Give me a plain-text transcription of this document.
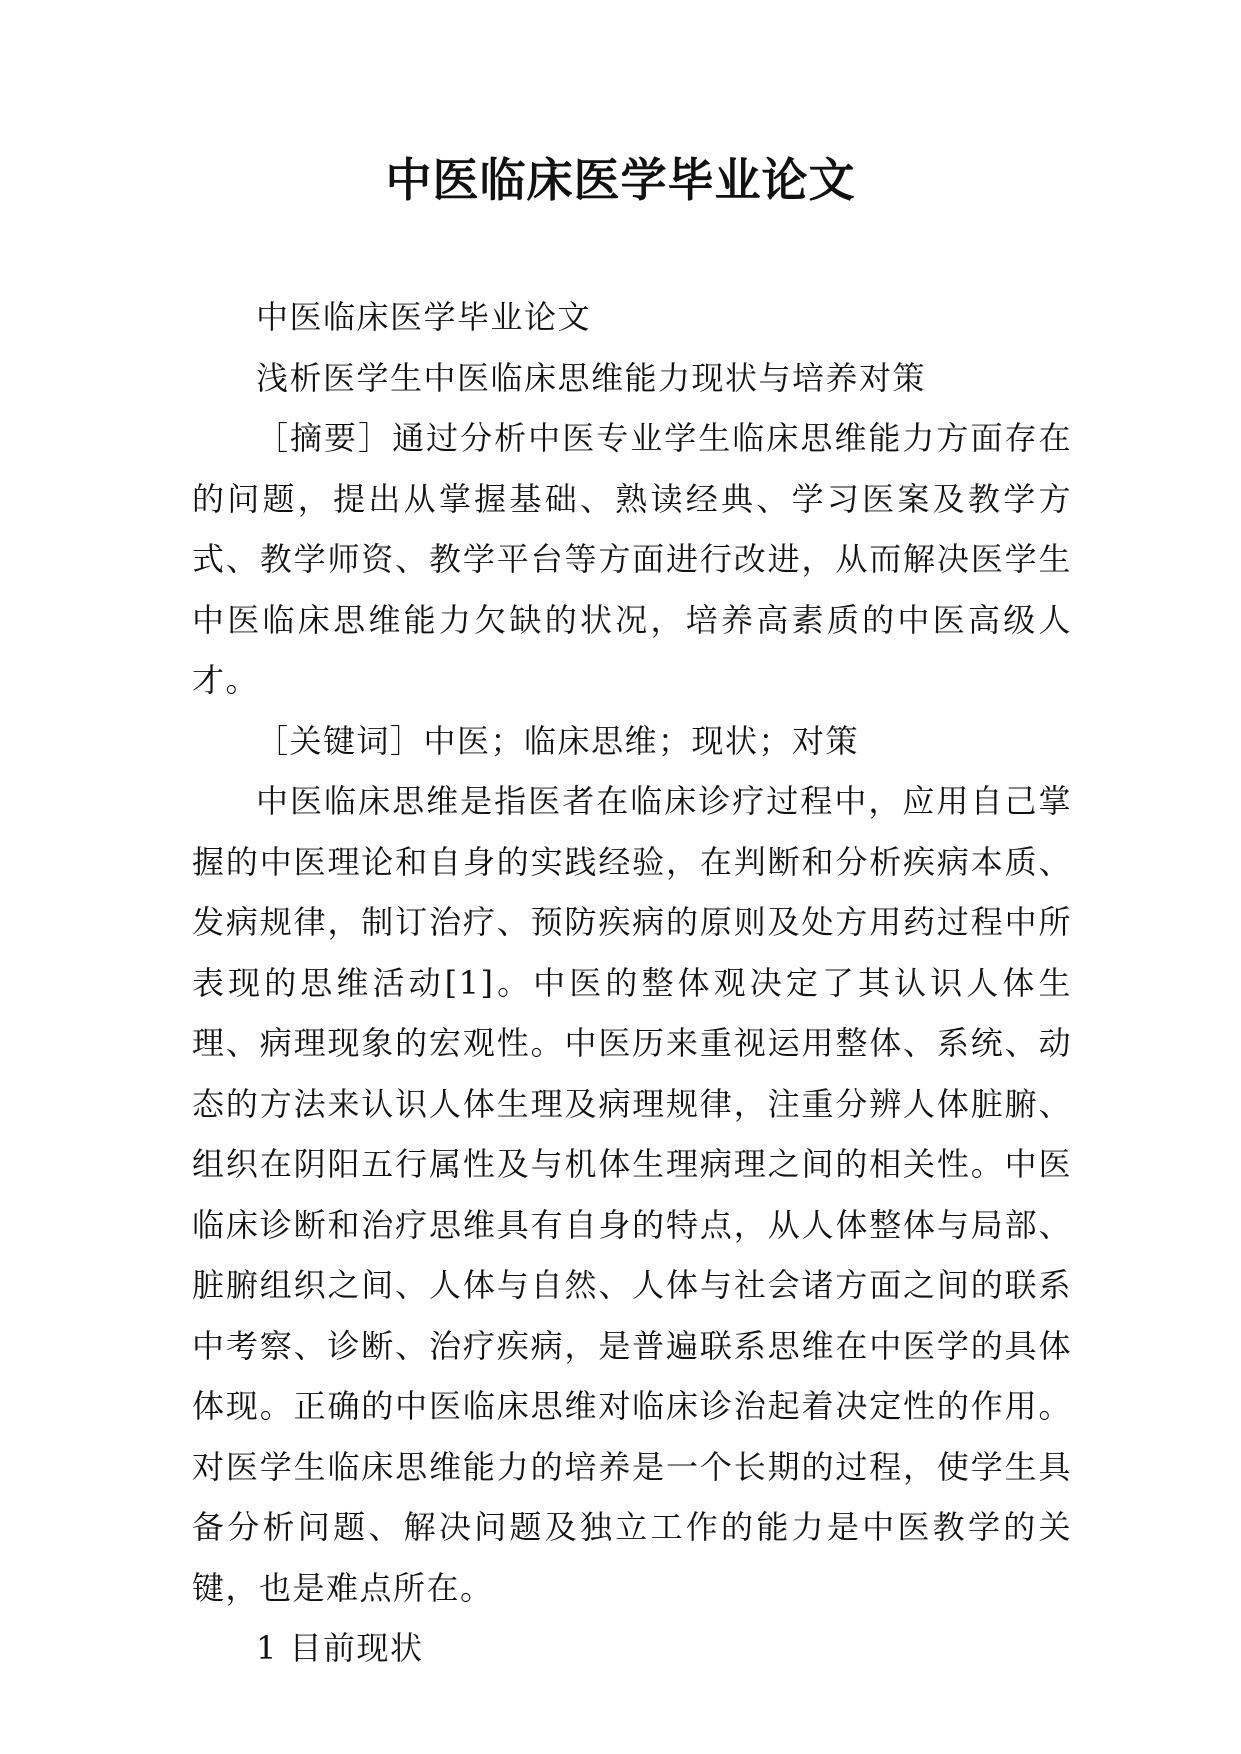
中医临床医学毕业论文

中医临床医学毕业论文

浅析医学生中医临床思维能力现状与培养对策

［摘要］通过分析中医专业学生临床思维能力方面存在的问题，提出从掌握基础、熟读经典、学习医案及教学方式、教学师资、教学平台等方面进行改进，从而解决医学生中医临床思维能力欠缺的状况，培养高素质的中医高级人才。

［关键词］中医；临床思维；现状；对策

中医临床思维是指医者在临床诊疗过程中，应用自己掌握的中医理论和自身的实践经验，在判断和分析疾病本质、发病规律，制订治疗、预防疾病的原则及处方用药过程中所表现的思维活动[1]。中医的整体观决定了其认识人体生理、病理现象的宏观性。中医历来重视运用整体、系统、动态的方法来认识人体生理及病理规律，注重分辨人体脏腑、组织在阴阳五行属性及与机体生理病理之间的相关性。中医临床诊断和治疗思维具有自身的特点，从人体整体与局部、脏腑组织之间、人体与自然、人体与社会诸方面之间的联系中考察、诊断、治疗疾病，是普遍联系思维在中医学的具体体现。正确的中医临床思维对临床诊治起着决定性的作用。对医学生临床思维能力的培养是一个长期的过程，使学生具备分析问题、解决问题及独立工作的能力是中医教学的关键，也是难点所在。

1 目前现状
